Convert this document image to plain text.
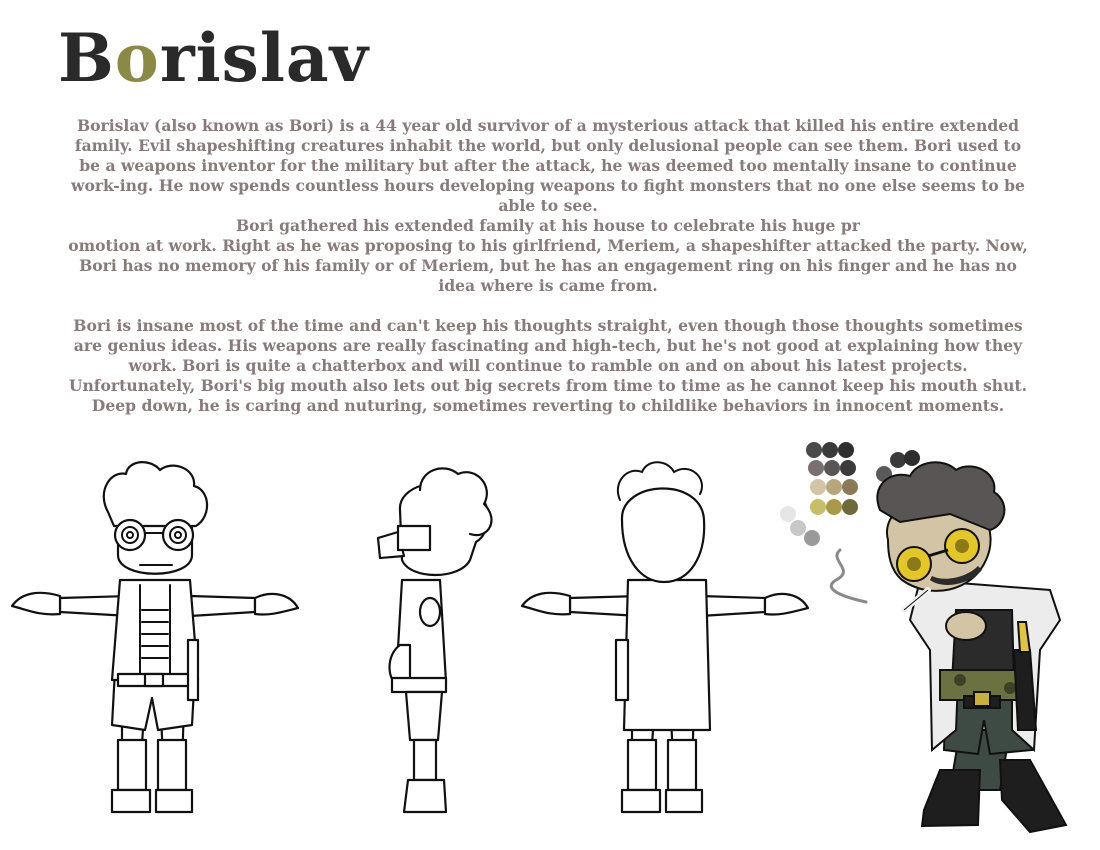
Borislav

Borislav (also known as Bori) is a 44 year old survivor of a mysterious attack that killed his entire extended family. Evil shapeshifting creatures inhabit the world, but only delusional people can see them. Bori used to be a weapons inventor for the military but after the attack, he was deemed too mentally insane to continue work-ing. He now spends countless hours developing weapons to fight monsters that no one else seems to be able to see.

Bori gathered his extended family at his house to celebrate his huge pr

omotion at work. Right as he was proposing to his girlfriend, Meriem, a shapeshifter attacked the party. Now, Bori has no memory of his family or of Meriem, but he has an engagement ring on his finger and he has no idea where is came from.

Bori is insane most of the time and can't keep his thoughts straight, even though those thoughts sometimes are genius ideas. His weapons are really fascinating and high-tech, but he's not good at explaining how they work. Bori is quite a chatterbox and will continue to ramble on and on about his latest projects. Unfortunately, Bori's big mouth also lets out big secrets from time to time as he cannot keep his mouth shut. Deep down, he is caring and nuturing, sometimes reverting to childlike behaviors in innocent moments.
